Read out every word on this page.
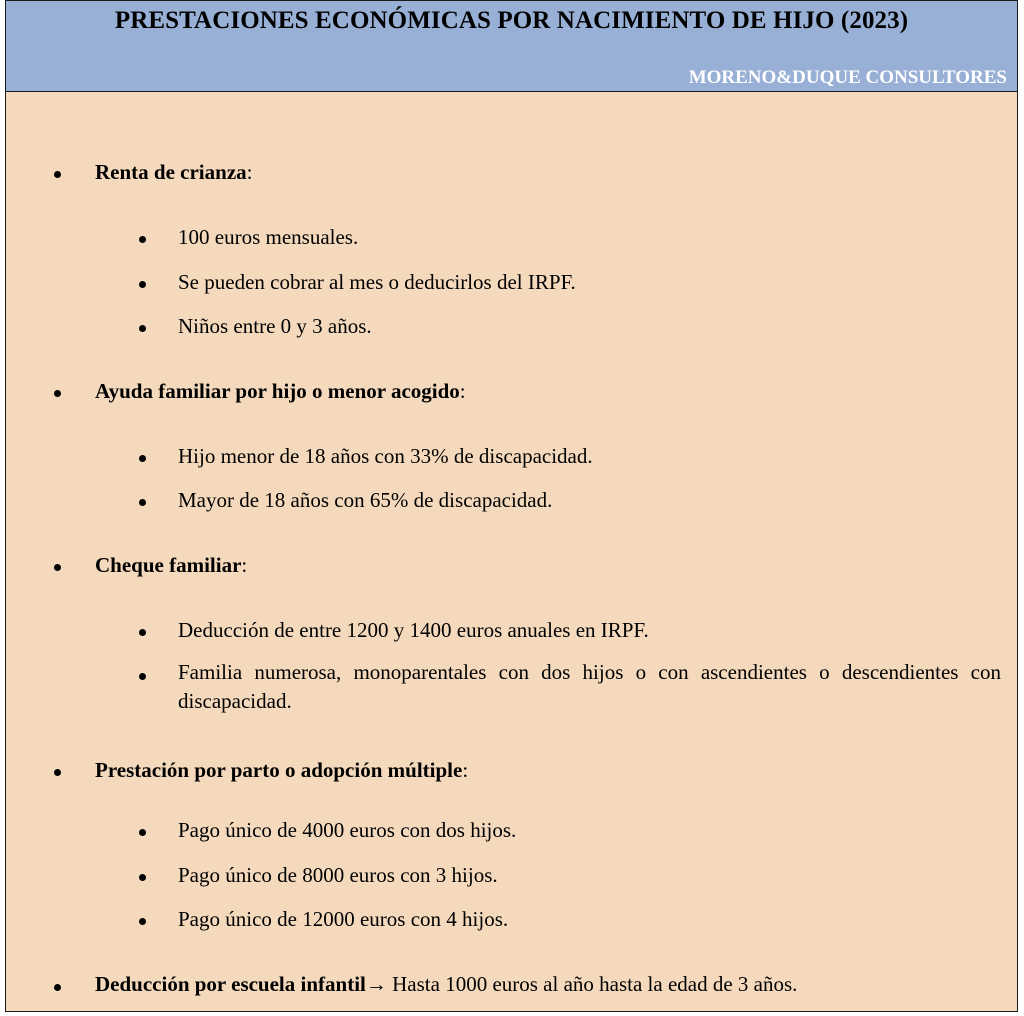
PRESTACIONES ECONÓMICAS POR NACIMIENTO DE HIJO (2023)
MORENO&DUQUE CONSULTORES
Renta de crianza:
100 euros mensuales.
Se pueden cobrar al mes o deducirlos del IRPF.
Niños entre 0 y 3 años.
Ayuda familiar por hijo o menor acogido:
Hijo menor de 18 años con 33% de discapacidad.
Mayor de 18 años con 65% de discapacidad.
Cheque familiar:
Deducción de entre 1200 y 1400 euros anuales en IRPF.
Familia numerosa, monoparentales con dos hijos o con ascendientes o descendientes con discapacidad.
Prestación por parto o adopción múltiple:
Pago único de 4000 euros con dos hijos.
Pago único de 8000 euros con 3 hijos.
Pago único de 12000 euros con 4 hijos.
Deducción por escuela infantil→ Hasta 1000 euros al año hasta la edad de 3 años.
